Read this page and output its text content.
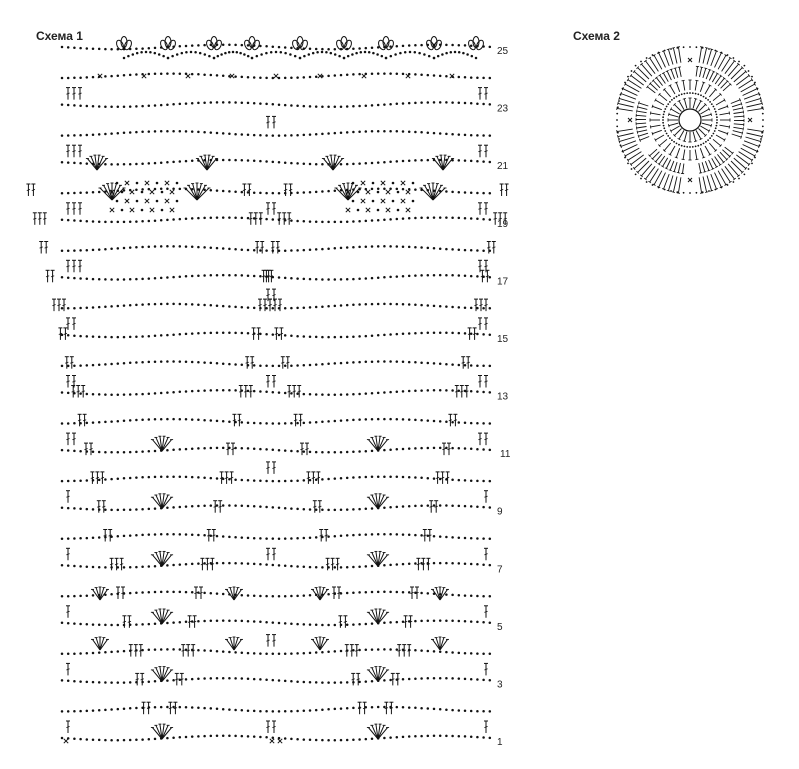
Схема 1	Схема 2
1
3
5
7
9
11
13
15
17
19
21
23
25
